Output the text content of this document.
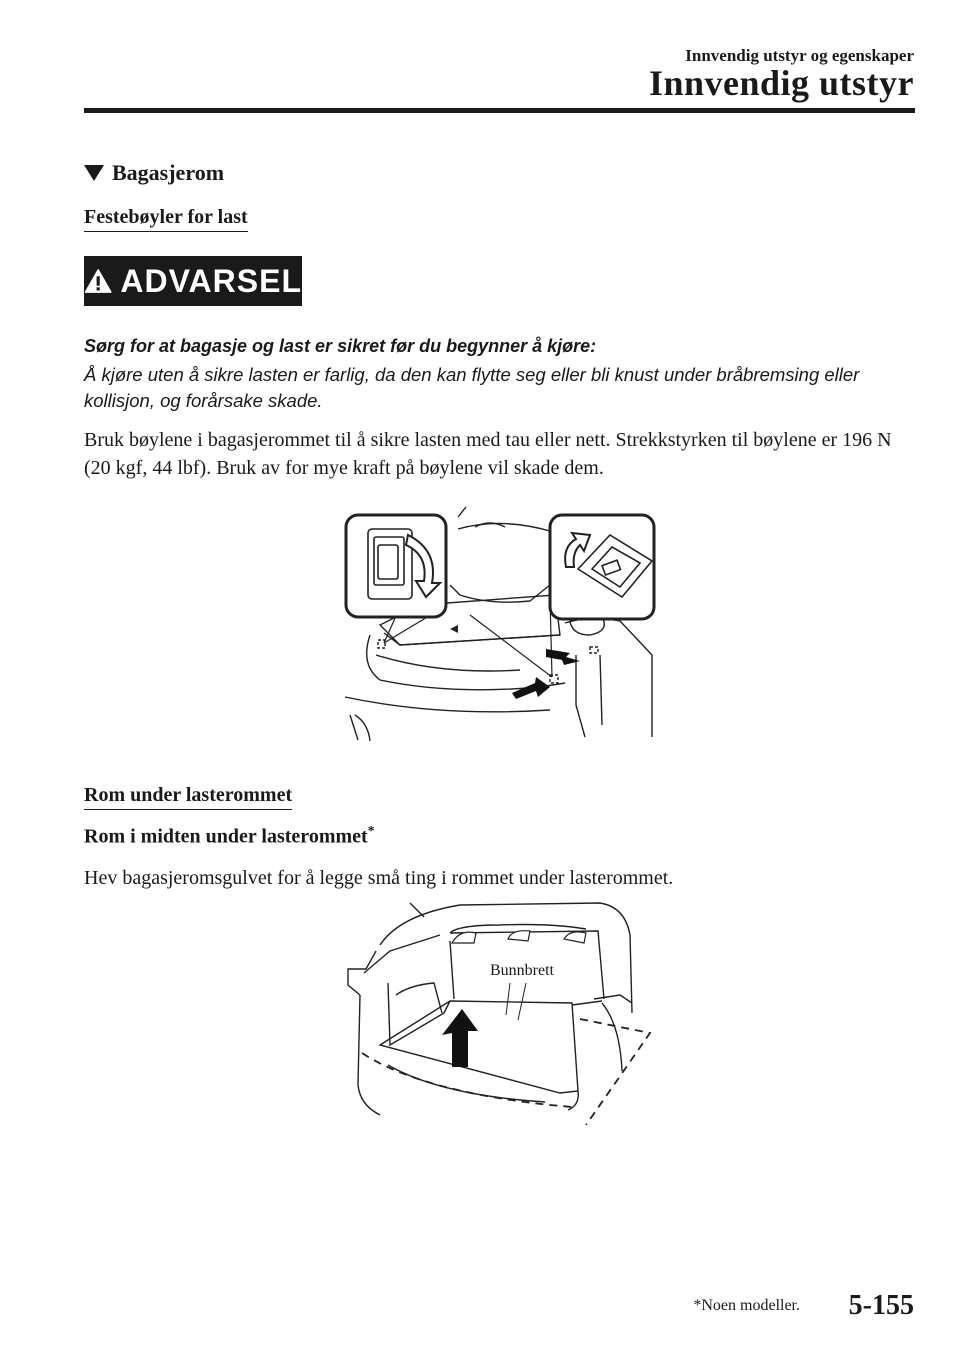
Innvendig utstyr og egenskaper
Innvendig utstyr
Bagasjerom
Festebøyler for last
ADVARSEL
Sørg for at bagasje og last er sikret før du begynner å kjøre:
Å kjøre uten å sikre lasten er farlig, da den kan flytte seg eller bli knust under bråbremsing eller kollisjon, og forårsake skade.
Bruk bøylene i bagasjerommet til å sikre lasten med tau eller nett. Strekkstyrken til bøylene er 196 N (20 kgf, 44 lbf). Bruk av for mye kraft på bøylene vil skade dem.
Rom under lasterommet
Rom i midten under lasterommet*
Hev bagasjeromsgulvet for å legge små ting i rommet under lasterommet.
Bunnbrett
*Noen modeller. 5-155
